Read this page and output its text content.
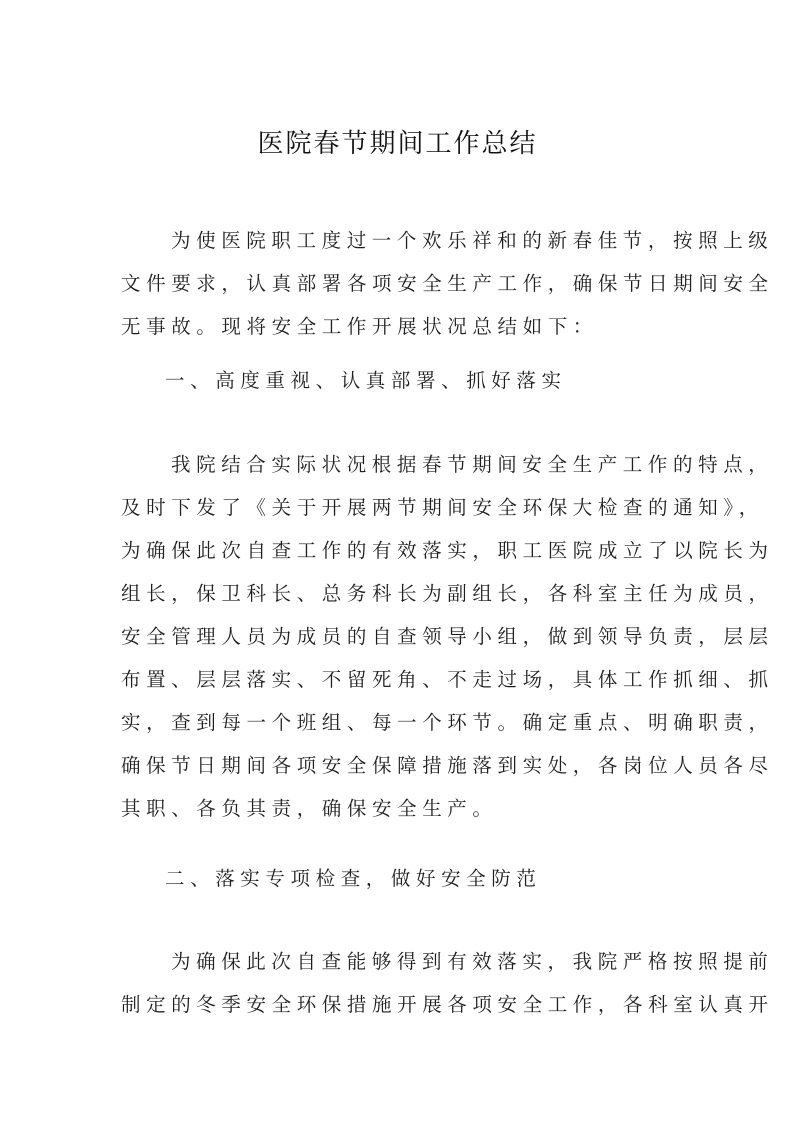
医院春节期间工作总结
为使医院职工度过一个欢乐祥和的新春佳节，按照上级
文件要求，认真部署各项安全生产工作，确保节日期间安全
无事故。现将安全工作开展状况总结如下：
一、高度重视、认真部署、抓好落实
我院结合实际状况根据春节期间安全生产工作的特点，
及时下发了《关于开展两节期间安全环保大检查的通知》，
为确保此次自查工作的有效落实，职工医院成立了以院长为
组长，保卫科长、总务科长为副组长，各科室主任为成员，
安全管理人员为成员的自查领导小组，做到领导负责，层层
布置、层层落实、不留死角、不走过场，具体工作抓细、抓
实，查到每一个班组、每一个环节。确定重点、明确职责，
确保节日期间各项安全保障措施落到实处，各岗位人员各尽
其职、各负其责，确保安全生产。
二、落实专项检查，做好安全防范
为确保此次自查能够得到有效落实，我院严格按照提前
制定的冬季安全环保措施开展各项安全工作，各科室认真开
